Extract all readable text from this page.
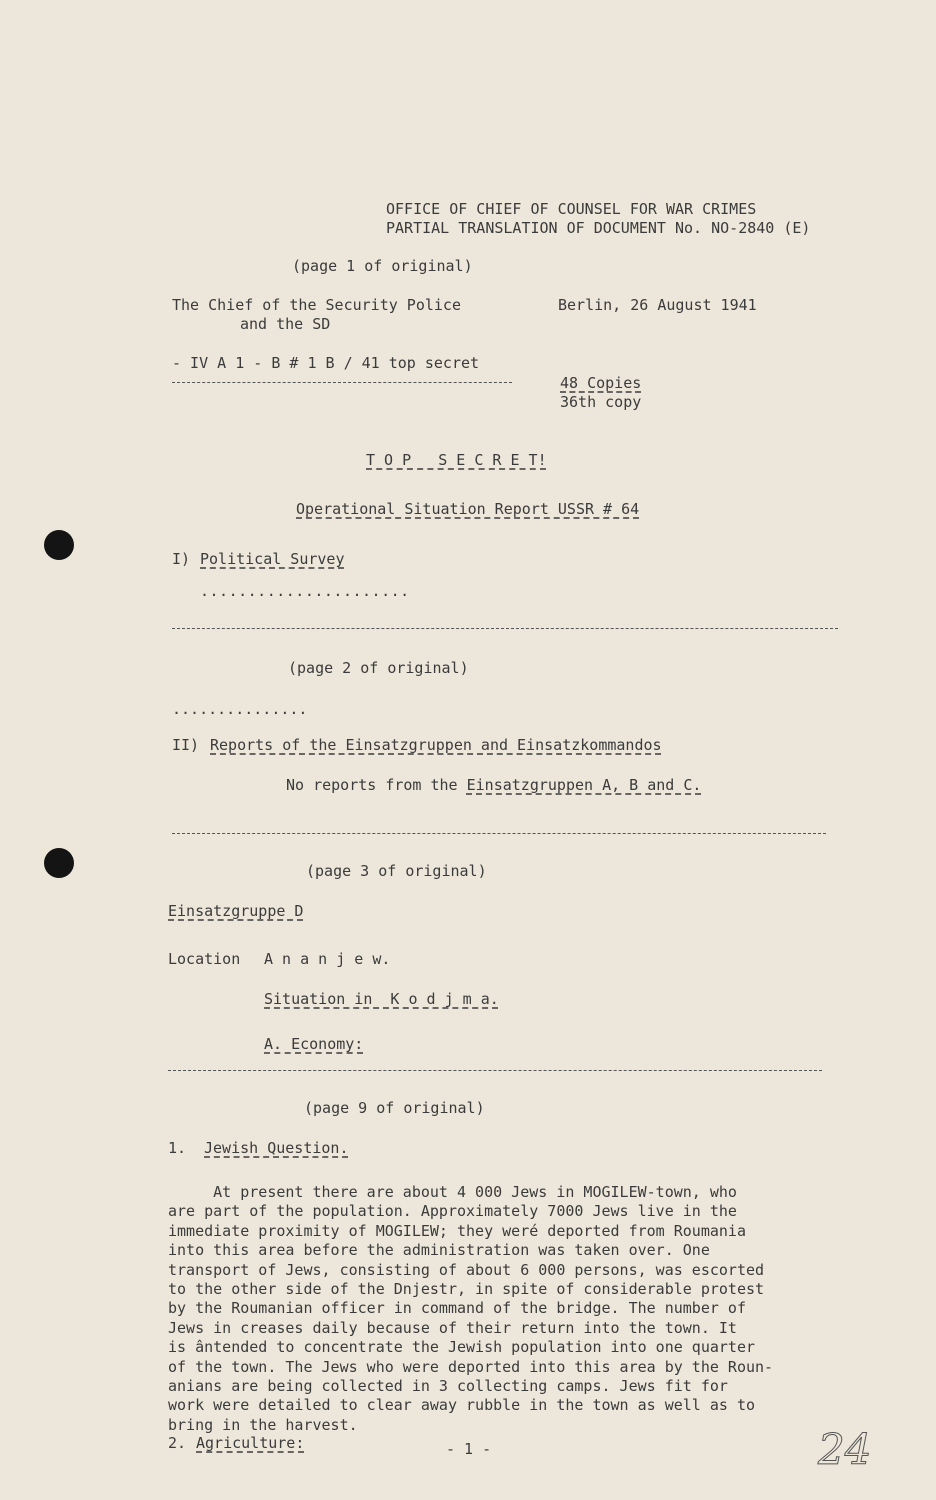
OFFICE OF CHIEF OF COUNSEL FOR WAR CRIMES
PARTIAL TRANSLATION OF DOCUMENT No. NO-2840 (E)
(page 1 of original)
The Chief of the Security Police
and the SD
Berlin, 26 August 1941
- IV A 1 - B # 1 B / 41 top secret
48 Copies
36th copy
T O P   S E C R E T!
Operational Situation Report USSR # 64
I) Political Survey
......................
(page 2 of original)
...............
II) Reports of the Einsatzgruppen and Einsatzkommandos
No reports from the Einsatzgruppen A, B and C.
(page 3 of original)
Einsatzgruppe D
Location A n a n j e w.
Situation in  K o d j m a.
A. Economy:
(page 9 of original)
1. Jewish Question.
At present there are about 4 000 Jews in MOGILEW-town, who
are part of the population. Approximately 7000 Jews live in the
immediate proximity of MOGILEW; they weré deported from Roumania
into this area before the administration was taken over. One
transport of Jews, consisting of about 6 000 persons, was escorted
to the other side of the Dnjestr, in spite of considerable protest
by the Roumanian officer in command of the bridge. The number of
Jews in creases daily because of their return into the town. It
is ântended to concentrate the Jewish population into one quarter
of the town. The Jews who were deported into this area by the Roun-
anians are being collected in 3 collecting camps. Jews fit for
work were detailed to clear away rubble in the town as well as to
bring in the harvest.
2. Agriculture:	- 1 -	24
